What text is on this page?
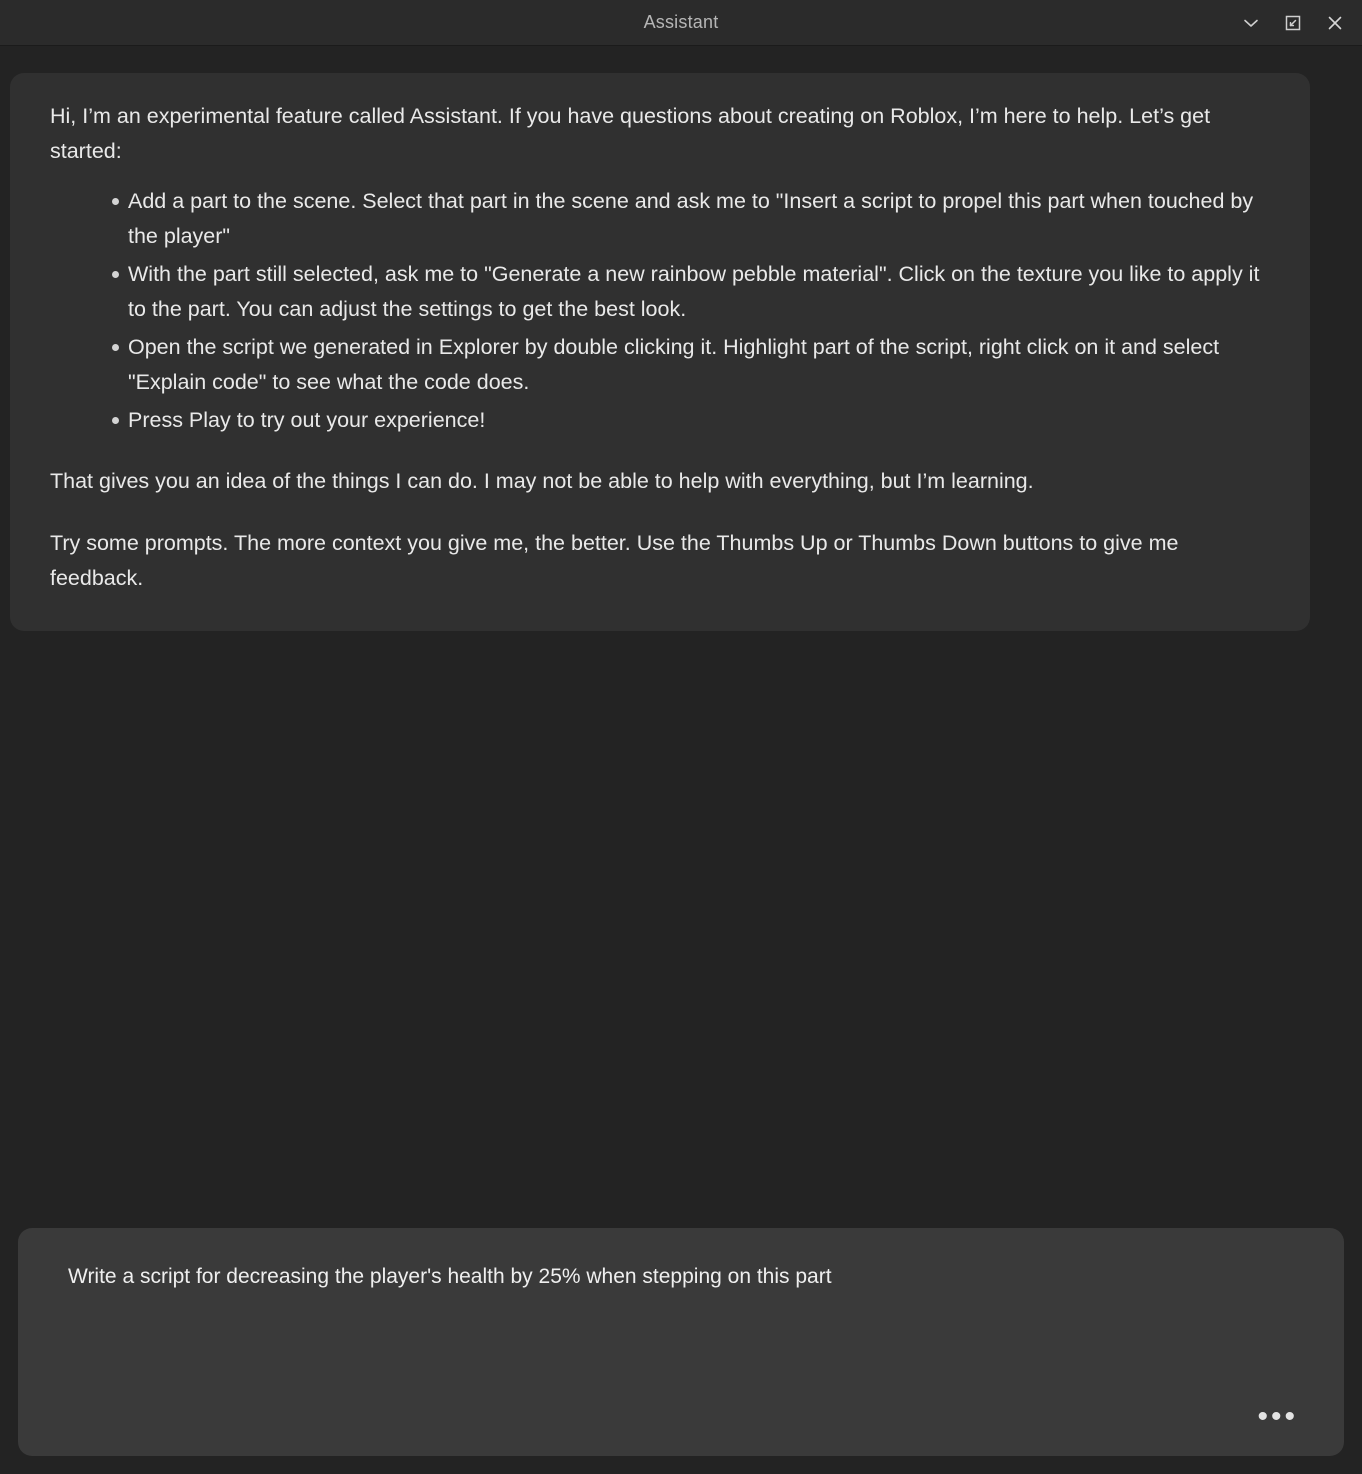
Assistant

Hi, I’m an experimental feature called Assistant. If you have questions about creating on Roblox, I’m here to help. Let’s get started:

Add a part to the scene. Select that part in the scene and ask me to "Insert a script to propel this part when touched by the player"
With the part still selected, ask me to "Generate a new rainbow pebble material". Click on the texture you like to apply it to the part. You can adjust the settings to get the best look.
Open the script we generated in Explorer by double clicking it. Highlight part of the script, right click on it and select "Explain code" to see what the code does.
Press Play to try out your experience!

That gives you an idea of the things I can do. I may not be able to help with everything, but I’m learning.

Try some prompts. The more context you give me, the better. Use the Thumbs Up or Thumbs Down buttons to give me feedback.

Write a script for decreasing the player's health by 25% when stepping on this part
•••
